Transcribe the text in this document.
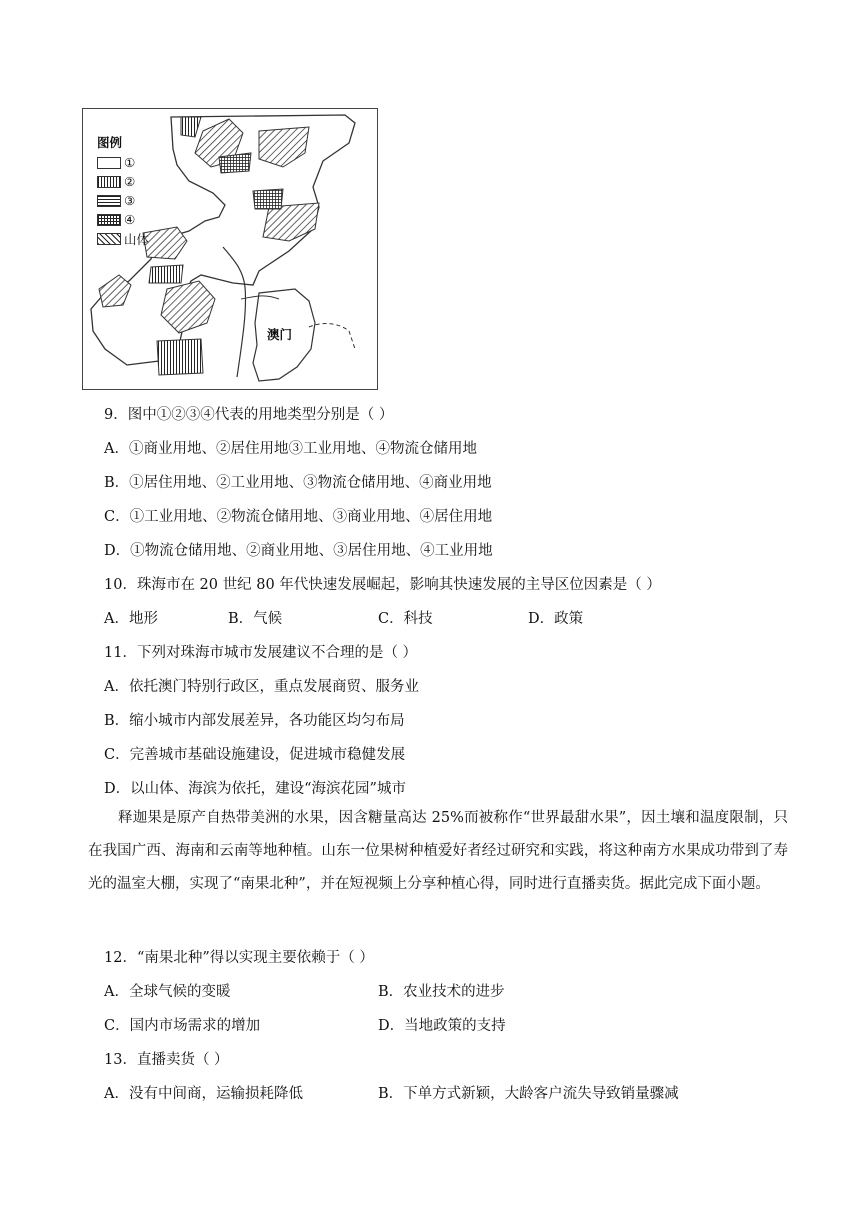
图例
①
②
③
④
山体
澳门
9．图中①②③④代表的用地类型分别是（ ）
A．①商业用地、②居住用地③工业用地、④物流仓储用地
B．①居住用地、②工业用地、③物流仓储用地、④商业用地
C．①工业用地、②物流仓储用地、③商业用地、④居住用地
D．①物流仓储用地、②商业用地、③居住用地、④工业用地
10．珠海市在 20 世纪 80 年代快速发展崛起，影响其快速发展的主导区位因素是（ ）
A．地形	B．气候	C．科技	D．政策
11．下列对珠海市城市发展建议不合理的是（ ）
A．依托澳门特别行政区，重点发展商贸、服务业
B．缩小城市内部发展差异，各功能区均匀布局
C．完善城市基础设施建设，促进城市稳健发展
D．以山体、海滨为依托，建设“海滨花园”城市
释迦果是原产自热带美洲的水果，因含糖量高达 25%而被称作“世界最甜水果”，因土壤和温度限制，只在我国广西、海南和云南等地种植。山东一位果树种植爱好者经过研究和实践，将这种南方水果成功带到了寿光的温室大棚，实现了“南果北种”，并在短视频上分享种植心得，同时进行直播卖货。据此完成下面小题。
12．“南果北种”得以实现主要依赖于（ ）
A．全球气候的变暖	B．农业技术的进步
C．国内市场需求的增加	D．当地政策的支持
13．直播卖货（ ）
A．没有中间商，运输损耗降低	B．下单方式新颖，大龄客户流失导致销量骤减
